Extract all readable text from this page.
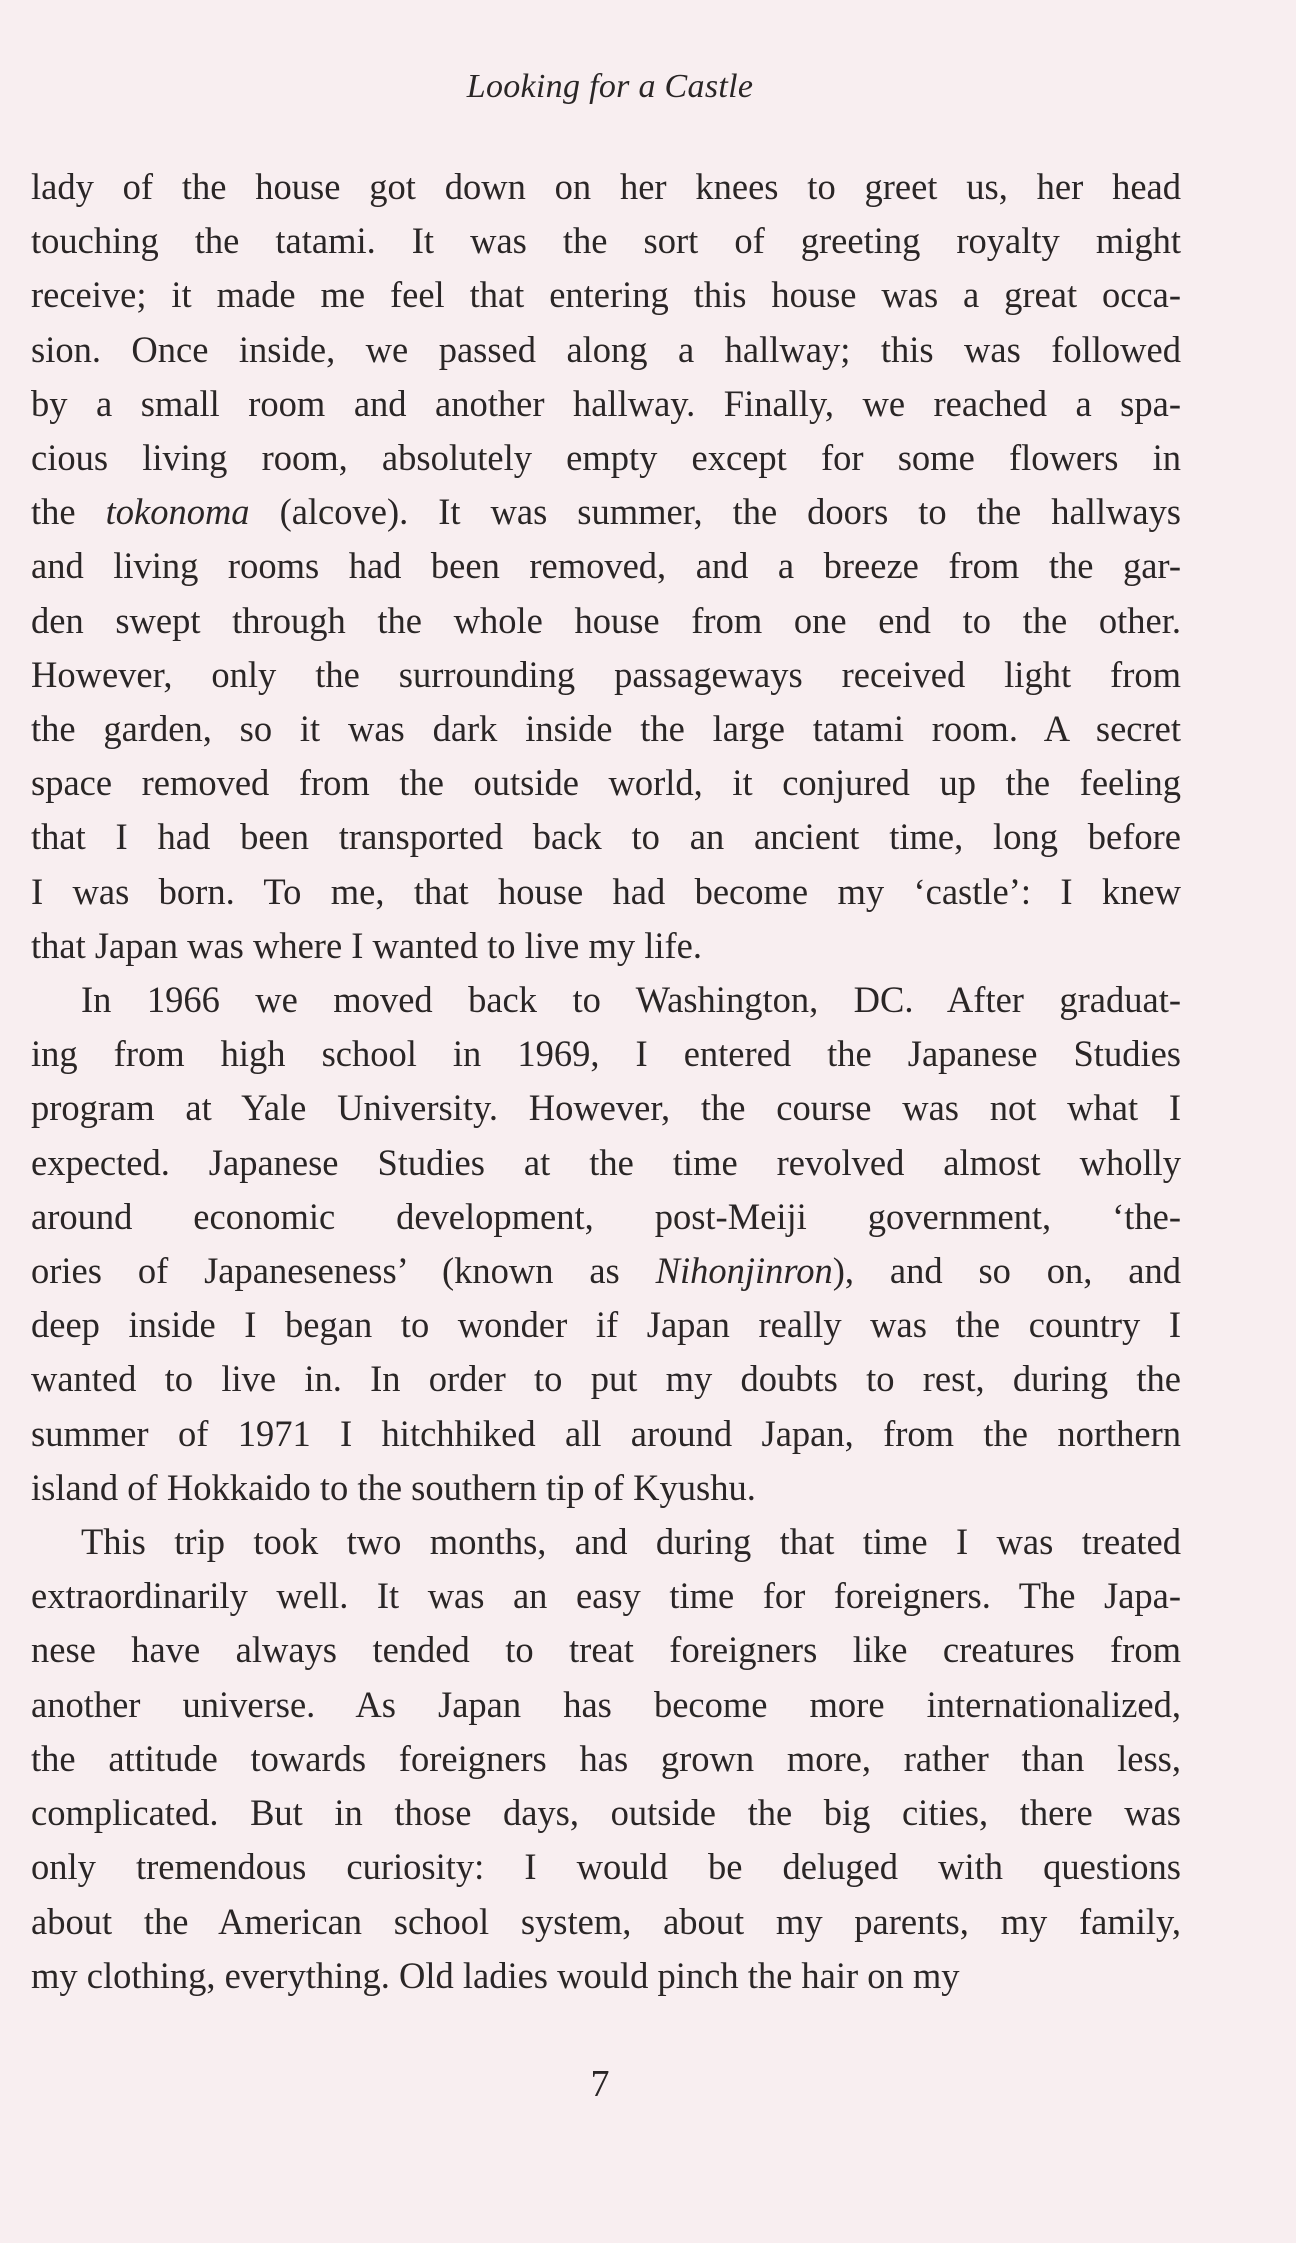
Looking for a Castle
lady of the house got down on her knees to greet us, her head
touching the tatami. It was the sort of greeting royalty might
receive; it made me feel that entering this house was a great occa-
sion. Once inside, we passed along a hallway; this was followed
by a small room and another hallway. Finally, we reached a spa-
cious living room, absolutely empty except for some flowers in
the tokonoma (alcove). It was summer, the doors to the hallways
and living rooms had been removed, and a breeze from the gar-
den swept through the whole house from one end to the other.
However, only the surrounding passageways received light from
the garden, so it was dark inside the large tatami room. A secret
space removed from the outside world, it conjured up the feeling
that I had been transported back to an ancient time, long before
I was born. To me, that house had become my ‘castle’: I knew
that Japan was where I wanted to live my life.
In 1966 we moved back to Washington, DC. After graduat-
ing from high school in 1969, I entered the Japanese Studies
program at Yale University. However, the course was not what I
expected. Japanese Studies at the time revolved almost wholly
around economic development, post-Meiji government, ‘the-
ories of Japaneseness’ (known as Nihonjinron), and so on, and
deep inside I began to wonder if Japan really was the country I
wanted to live in. In order to put my doubts to rest, during the
summer of 1971 I hitchhiked all around Japan, from the northern
island of Hokkaido to the southern tip of Kyushu.
This trip took two months, and during that time I was treated
extraordinarily well. It was an easy time for foreigners. The Japa-
nese have always tended to treat foreigners like creatures from
another universe. As Japan has become more internationalized,
the attitude towards foreigners has grown more, rather than less,
complicated. But in those days, outside the big cities, there was
only tremendous curiosity: I would be deluged with questions
about the American school system, about my parents, my family,
my clothing, everything. Old ladies would pinch the hair on my
7
